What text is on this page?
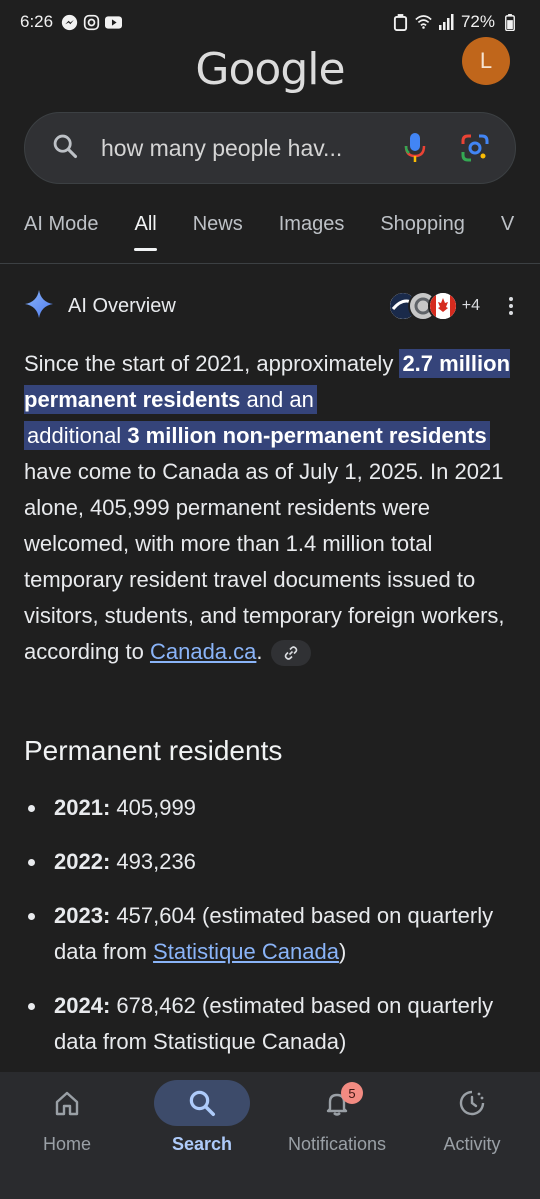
6:26	72%
Google	L
how many people hav...
AI Mode All News Images Shopping V
AI Overview	+4
Since the start of 2021, approximately 2.7 million permanent residents and an
additional 3 million non-permanent residents have come to Canada as of July 1, 2025. In 2021 alone, 405,999 permanent residents were welcomed, with more than 1.4 million total temporary resident travel documents issued to visitors, students, and temporary foreign workers, according to Canada.ca.
Permanent residents
2021: 405,999
2022: 493,236
2023: 457,604 (estimated based on quarterly data from Statistique Canada)
2024: 678,462 (estimated based on quarterly data from Statistique Canada)
Home	Search
5
Notifications	Activity
